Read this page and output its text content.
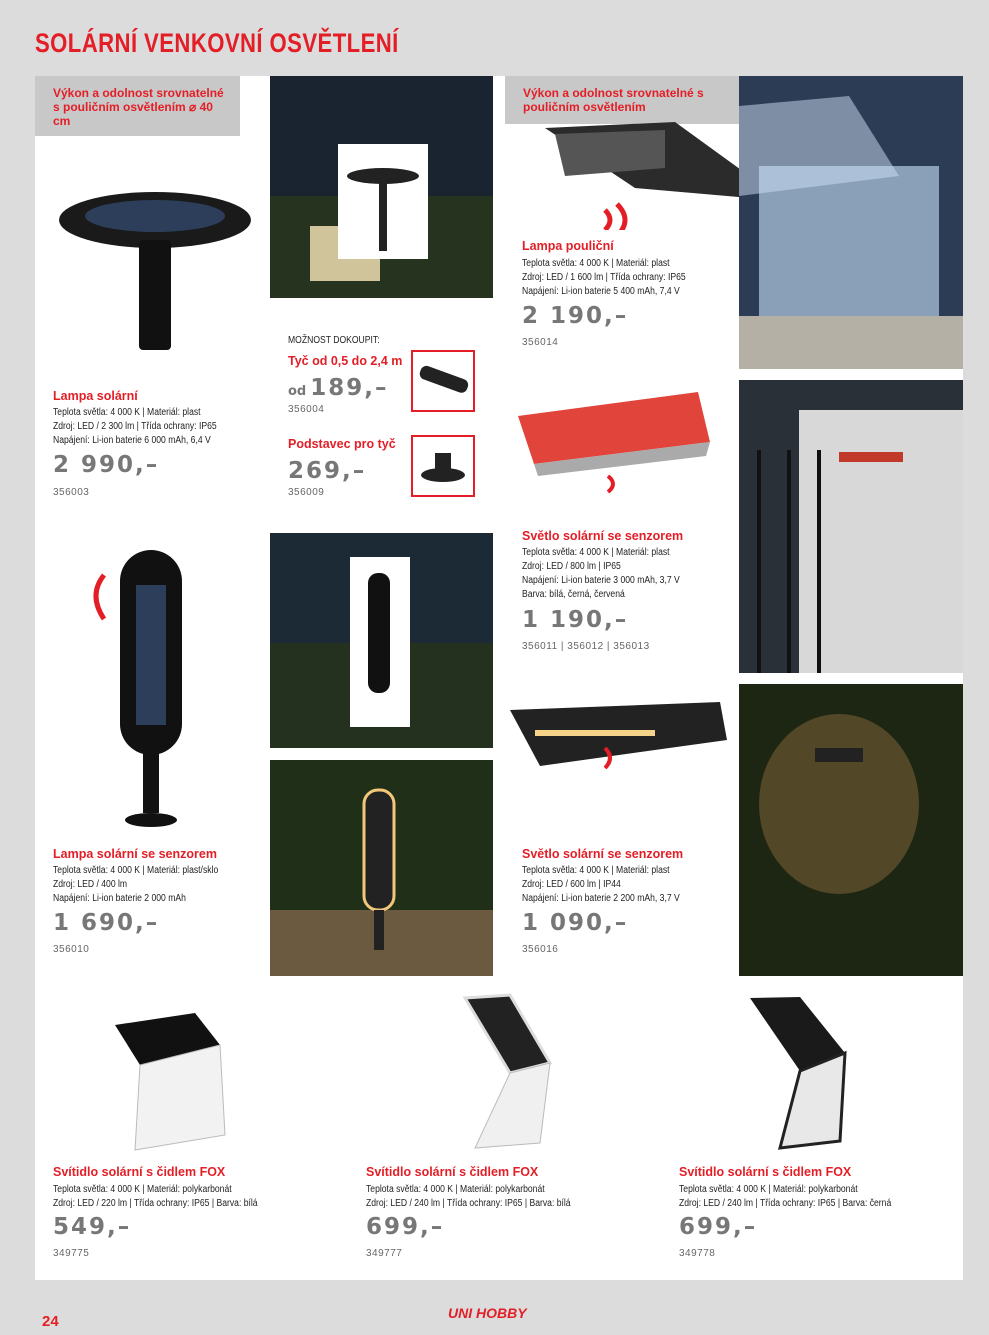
SOLÁRNÍ VENKOVNÍ OSVĚTLENÍ
Výkon a odolnost srovnatelné s pouličním osvětlením ⌀ 40 cm
Výkon a odolnost srovnatelné s pouličním osvětlením
MOŽNOST DOKOUPIT:
Tyč od 0,5 do 2,4 m
od 189,–
356004
Podstavec pro tyč
269,–
356009
Lampa solární
Teplota světla: 4 000 K | Materiál: plast
Zdroj: LED / 2 300 lm | Třída ochrany: IP65
Napájení: Li-ion baterie 6 000 mAh, 6,4 V
2 990,–
356003
Lampa pouliční
Teplota světla: 4 000 K | Materiál: plast
Zdroj: LED / 1 600 lm | Třída ochrany: IP65
Napájení: Li-ion baterie 5 400 mAh, 7,4 V
2 190,–
356014
Světlo solární se senzorem
Teplota světla: 4 000 K | Materiál: plast
Zdroj: LED / 800 lm | IP65
Napájení: Li-ion baterie 3 000 mAh, 3,7 V
Barva: bílá, černá, červená
1 190,–
356011 | 356012 | 356013
Lampa solární se senzorem
Teplota světla: 4 000 K | Materiál: plast/sklo
Zdroj: LED / 400 lm
Napájení: Li-ion baterie 2 000 mAh
1 690,–
356010
Světlo solární se senzorem
Teplota světla: 4 000 K | Materiál: plast
Zdroj: LED / 600 lm | IP44
Napájení: Li-ion baterie 2 200 mAh, 3,7 V
1 090,–
356016
Svítidlo solární s čidlem FOX
Teplota světla: 4 000 K | Materiál: polykarbonát
Zdroj: LED / 220 lm | Třída ochrany: IP65 | Barva: bílá
549,–
349775
Svítidlo solární s čidlem FOX
Teplota světla: 4 000 K | Materiál: polykarbonát
Zdroj: LED / 240 lm | Třída ochrany: IP65 | Barva: bílá
699,–
349777
Svítidlo solární s čidlem FOX
Teplota světla: 4 000 K | Materiál: polykarbonát
Zdroj: LED / 240 lm | Třída ochrany: IP65 | Barva: černá
699,–
349778
24	UNI HOBBY
